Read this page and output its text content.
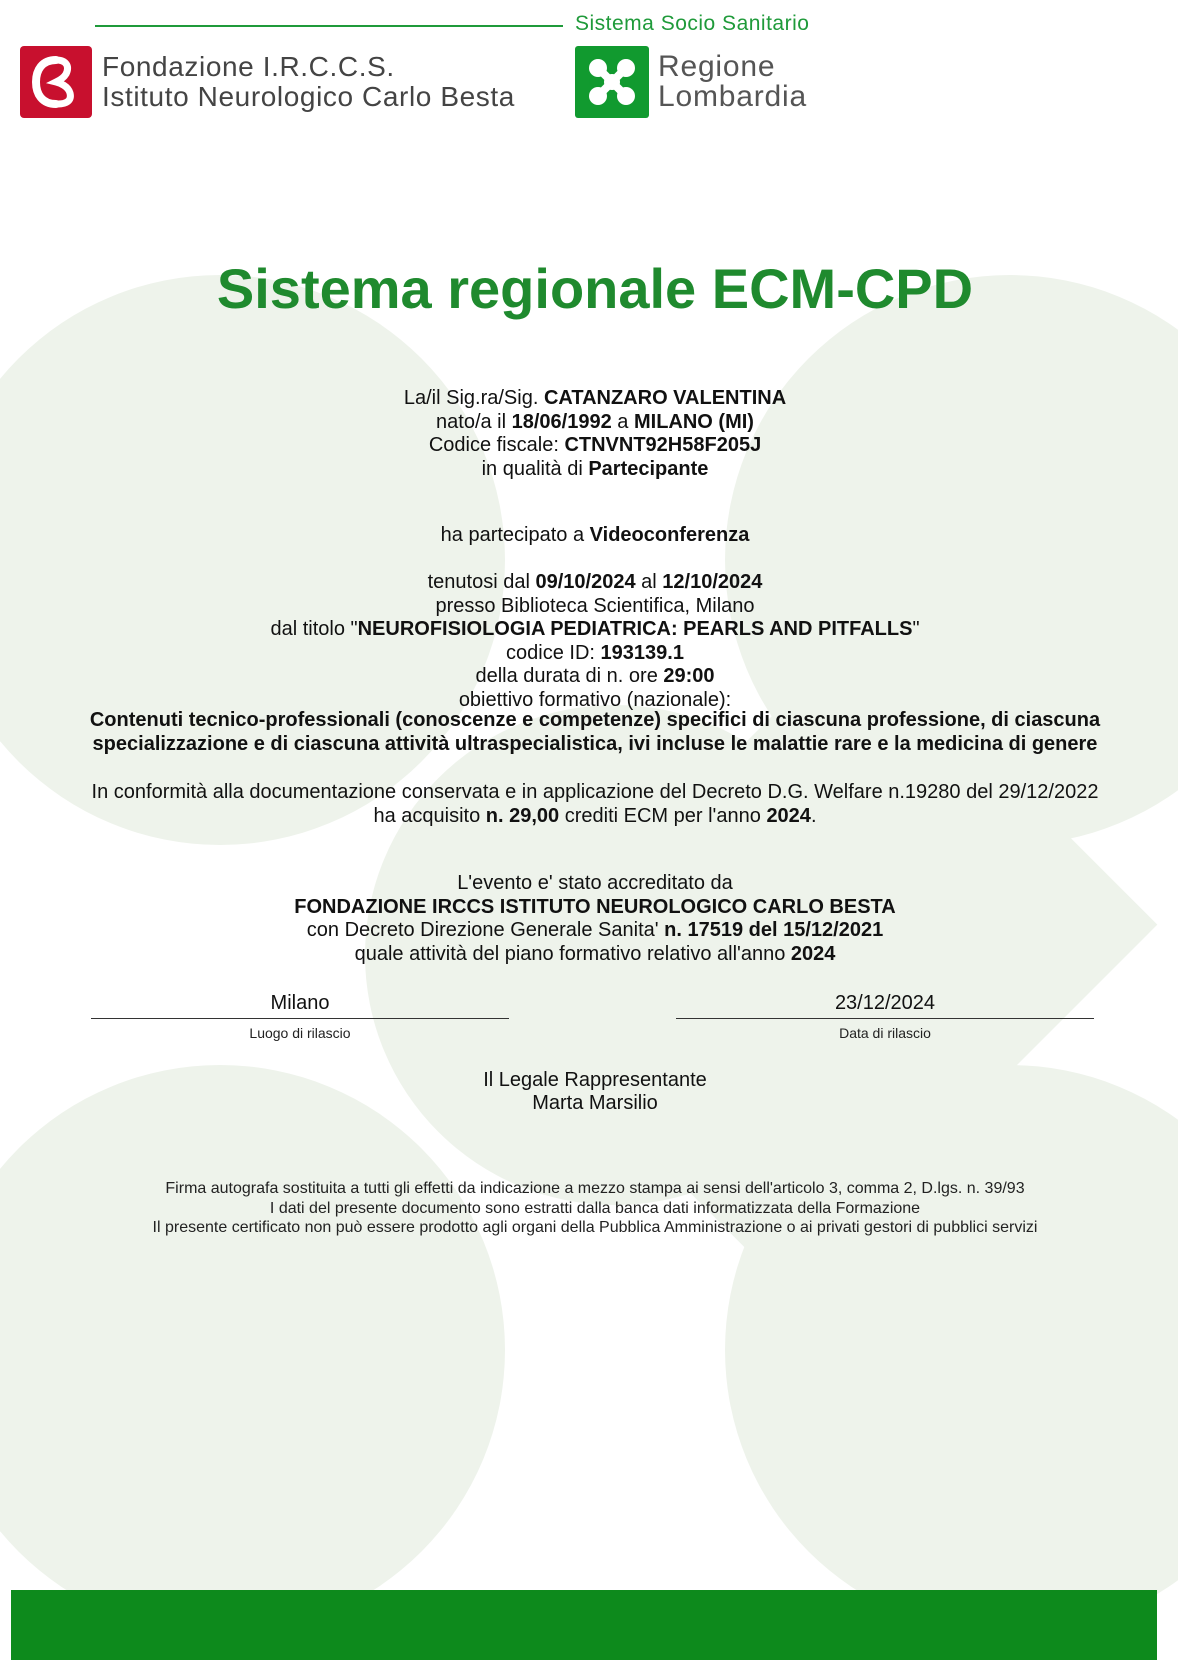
Sistema Socio Sanitario
Fondazione I.R.C.C.S.
Istituto Neurologico Carlo Besta
Regione
Lombardia
Sistema regionale ECM-CPD
La/il Sig.ra/Sig. CATANZARO VALENTINA
nato/a il 18/06/1992 a MILANO (MI)
Codice fiscale: CTNVNT92H58F205J
in qualità di Partecipante
ha partecipato a Videoconferenza
tenutosi dal 09/10/2024 al 12/10/2024
presso Biblioteca Scientifica, Milano
dal titolo "NEUROFISIOLOGIA PEDIATRICA: PEARLS AND PITFALLS"
codice ID: 193139.1
della durata di n. ore 29:00
obiettivo formativo (nazionale):
Contenuti tecnico-professionali (conoscenze e competenze) specifici di ciascuna professione, di ciascuna
specializzazione e di ciascuna attività ultraspecialistica, ivi incluse le malattie rare e la medicina di genere
In conformità alla documentazione conservata e in applicazione del Decreto D.G. Welfare n.19280 del 29/12/2022
ha acquisito n. 29,00 crediti ECM per l'anno 2024.
L'evento e' stato accreditato da
FONDAZIONE IRCCS ISTITUTO NEUROLOGICO CARLO BESTA
con Decreto Direzione Generale Sanita' n. 17519 del 15/12/2021
quale attività del piano formativo relativo all'anno 2024
Milano
Luogo di rilascio
23/12/2024
Data di rilascio
Il Legale Rappresentante
Marta Marsilio
Firma autografa sostituita a tutti gli effetti da indicazione a mezzo stampa ai sensi dell'articolo 3, comma 2, D.lgs. n. 39/93
I dati del presente documento sono estratti dalla banca dati informatizzata della Formazione
Il presente certificato non può essere prodotto agli organi della Pubblica Amministrazione o ai privati gestori di pubblici servizi
